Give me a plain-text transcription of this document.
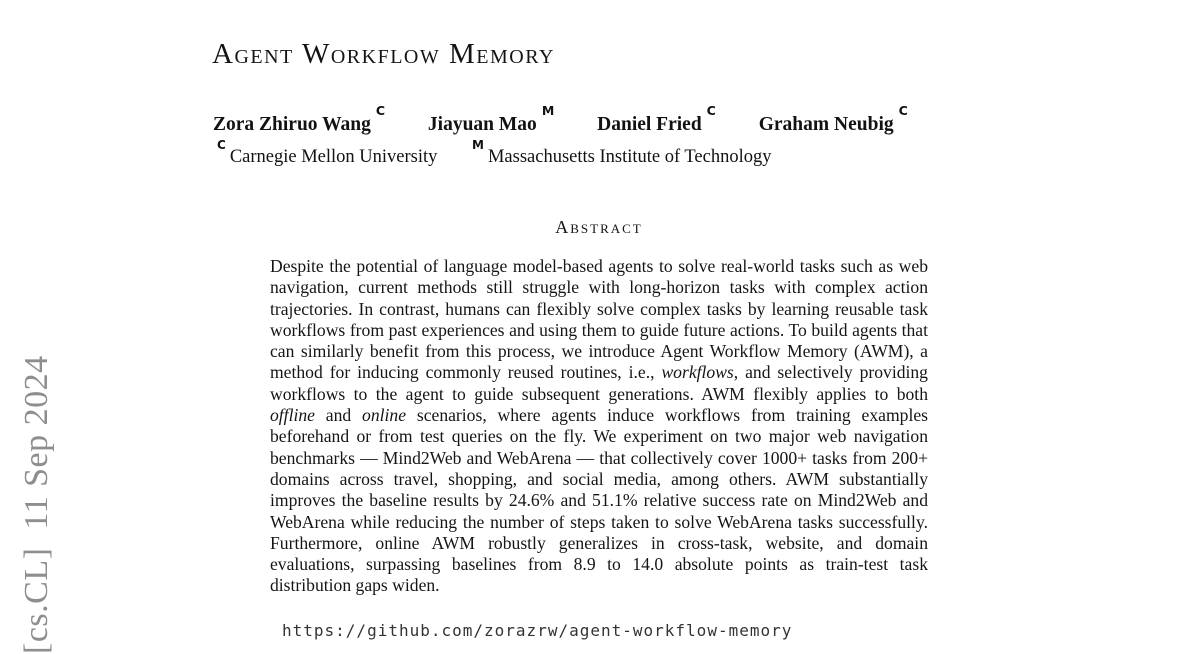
[cs.CL]  11 Sep 2024
Agent Workflow Memory
Zora Zhiruo Wang$^C$ Jiayuan Mao$^M$ Daniel Fried$^C$ Graham Neubig$^C$
$^C$Carnegie Mellon University $^M$Massachusetts Institute of Technology
Abstract

Despite the potential of language model-based agents to solve real-world tasks such as web navigation, current methods still struggle with long-horizon tasks with complex action trajectories. In contrast, humans can flexibly solve complex tasks by learning reusable task workflows from past experiences and using them to guide future actions. To build agents that can similarly benefit from this process, we introduce Agent Workflow Memory (AWM), a method for inducing commonly reused routines, i.e., workflows, and selectively providing workflows to the agent to guide subsequent generations. AWM flexibly applies to both offline and online scenarios, where agents induce workflows from training examples beforehand or from test queries on the fly. We experiment on two major web navigation benchmarks — Mind2Web and WebArena — that collectively cover 1000+ tasks from 200+ domains across travel, shopping, and social media, among others. AWM substantially improves the baseline results by 24.6% and 51.1% relative success rate on Mind2Web and WebArena while reducing the number of steps taken to solve WebArena tasks successfully. Furthermore, online AWM robustly generalizes in cross-task, website, and domain evaluations, surpassing baselines from 8.9 to 14.0 absolute points as train-test task distribution gaps widen.

https://github.com/zorazrw/agent-workflow-memory
